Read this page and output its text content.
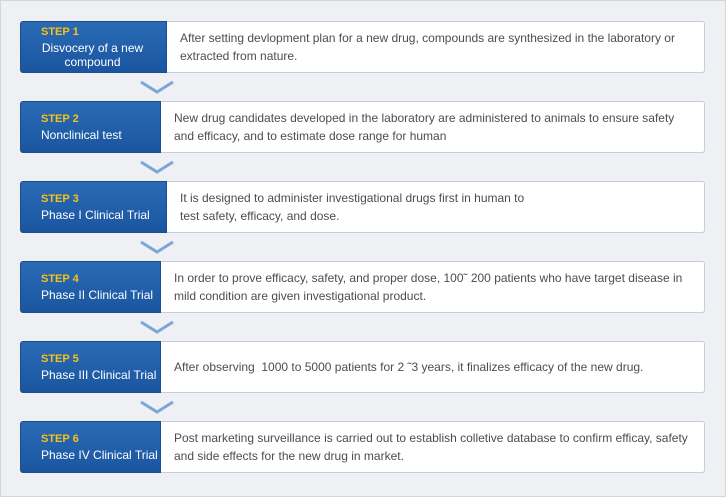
STEP 1
Disvocery of a new compound
After setting devlopment plan for a new drug, compounds are synthesized in the laboratory or extracted from nature.
STEP 2
Nonclinical test
New drug candidates developed in the laboratory are administered to animals to ensure safety and efficacy, and to estimate dose range for human
STEP 3
Phase I Clinical Trial
It is designed to administer investigational drugs first in human to test safety, efficacy, and dose.
STEP 4
Phase II Clinical Trial
In order to prove efficacy, safety, and proper dose, 100˜ 200 patients who have target disease in mild condition are given investigational product.
STEP 5
Phase III Clinical Trial
After observing  1000 to 5000 patients for 2 ˜3 years, it finalizes efficacy of the new drug.
STEP 6
Phase IV Clinical Trial
Post marketing surveillance is carried out to establish colletive database to confirm efficay, safety and side effects for the new drug in market.
